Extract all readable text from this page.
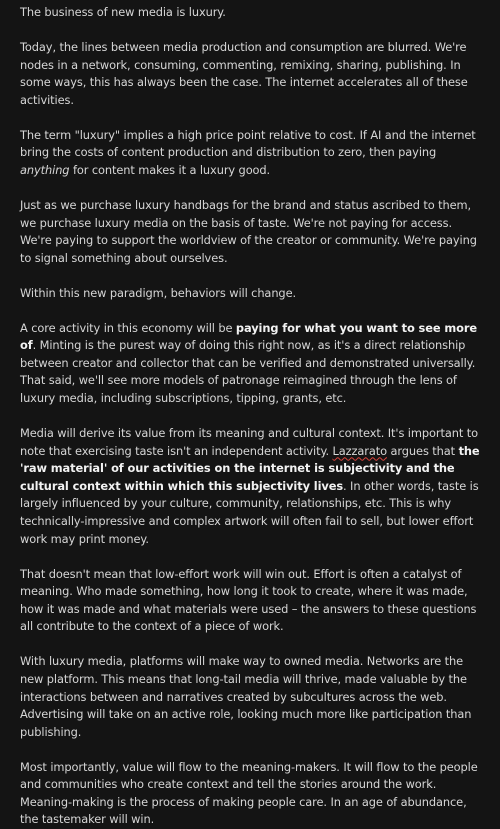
The business of new media is luxury.

Today, the lines between media production and consumption are blurred. We're nodes in a network, consuming, commenting, remixing, sharing, publishing. In some ways, this has always been the case. The internet accelerates all of these activities.

The term "luxury" implies a high price point relative to cost. If AI and the internet bring the costs of content production and distribution to zero, then paying anything for content makes it a luxury good.

Just as we purchase luxury handbags for the brand and status ascribed to them, we purchase luxury media on the basis of taste. We're not paying for access. We're paying to support the worldview of the creator or community. We're paying to signal something about ourselves.

Within this new paradigm, behaviors will change.

A core activity in this economy will be paying for what you want to see more of. Minting is the purest way of doing this right now, as it's a direct relationship between creator and collector that can be verified and demonstrated universally. That said, we'll see more models of patronage reimagined through the lens of luxury media, including subscriptions, tipping, grants, etc.

Media will derive its value from its meaning and cultural context. It's important to note that exercising taste isn't an independent activity. Lazzarato argues that the 'raw material' of our activities on the internet is subjectivity and the cultural context within which this subjectivity lives. In other words, taste is largely influenced by your culture, community, relationships, etc. This is why technically-impressive and complex artwork will often fail to sell, but lower effort work may print money.

That doesn't mean that low-effort work will win out. Effort is often a catalyst of meaning. Who made something, how long it took to create, where it was made, how it was made and what materials were used – the answers to these questions all contribute to the context of a piece of work.

With luxury media, platforms will make way to owned media. Networks are the new platform. This means that long-tail media will thrive, made valuable by the interactions between and narratives created by subcultures across the web. Advertising will take on an active role, looking much more like participation than publishing.

Most importantly, value will flow to the meaning-makers. It will flow to the people and communities who create context and tell the stories around the work. Meaning-making is the process of making people care. In an age of abundance, the tastemaker will win.
